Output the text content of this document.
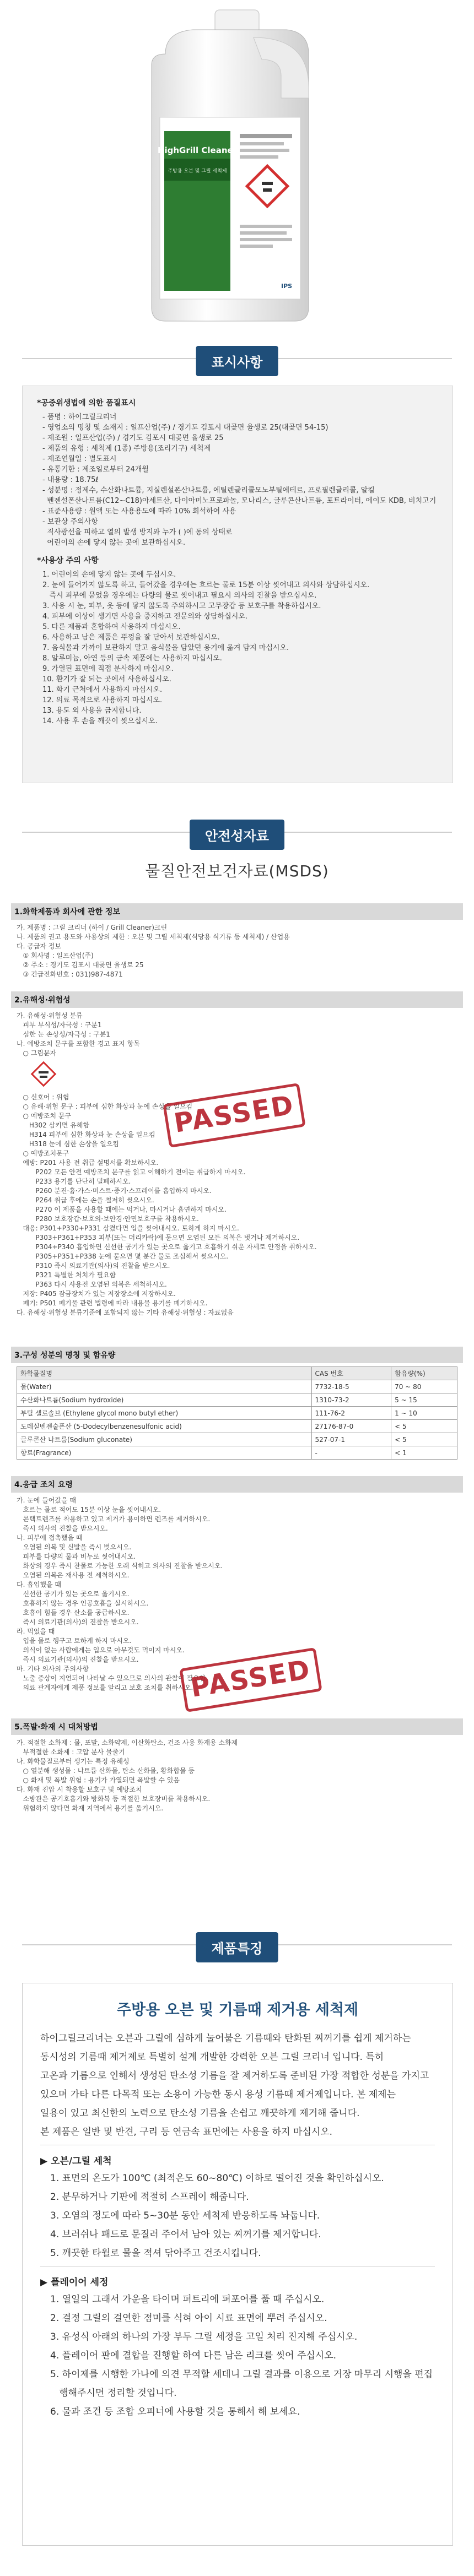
HighGrill Cleaner
주방용 오븐 및 그릴 세척제
IPS
표시사항
*공중위생법에 의한 품질표시
- 품명 : 하이그릴크리너
- 영업소의 명칭 및 소재지 : 일프산업(주) / 경기도 김포시 대곶면 율생로 25(대곶면 54-15)
- 제조원 : 일프산업(주) / 경기도 김포시 대곶면 율생로 25
- 제품의 유형 : 세척제 (1종) 주방용(조리기구) 세척제
- 제조연월일 : 별도표시
- 유통기한 : 제조일로부터 24개월
- 내용량 : 18.75ℓ
- 성분명 : 정제수, 수산화나트륨, 지실렌설폰산나트륨, 에틸렌글리콜모노부틸에테르, 프로필렌글리콜, 알킬
벤젠설폰산나트륨(C12~C18)아세트산, 다이아미노프로파놀, 모나리스, 글루콘산나트륨, 포트라이터, 에이도 KDB, 비치고기
- 표준사용량 : 원액 또는 사용용도에 따라 10% 희석하여 사용
- 보관상 주의사항
직사광선을 피하고 열의 발생 방지와 누가 ( )에 동의 상태로
어린이의 손에 닿지 않는 곳에 보관하십시오.
*사용상 주의 사항
1. 어린이의 손에 닿지 않는 곳에 두십시오.
2. 눈에 들어가지 않도록 하고, 들어갔을 경우에는 흐르는 물로 15분 이상 씻어내고 의사와 상담하십시오.
즉시 피부에 묻었을 경우에는 다량의 물로 씻어내고 필요시 의사의 진찰을 받으십시오.
3. 사용 시 눈, 피부, 옷 등에 닿지 않도록 주의하시고 고무장갑 등 보호구를 착용하십시오.
4. 피부에 이상이 생기면 사용을 중지하고 전문의와 상담하십시오.
5. 다른 제품과 혼합하여 사용하지 마십시오.
6. 사용하고 남은 제품은 뚜껑을 잘 닫아서 보관하십시오.
7. 음식물과 가까이 보관하지 말고 음식물을 담았던 용기에 옮겨 담지 마십시오.
8. 알루미늄, 아연 등의 금속 제품에는 사용하지 마십시오.
9. 가열된 표면에 직접 분사하지 마십시오.
10. 환기가 잘 되는 곳에서 사용하십시오.
11. 화기 근처에서 사용하지 마십시오.
12. 의료 목적으로 사용하지 마십시오.
13. 용도 외 사용을 금지합니다.
14. 사용 후 손을 깨끗이 씻으십시오.
안전성자료
물질안전보건자료(MSDS)
1.화학제품과 회사에 관한 정보
가. 제품명 : 그릴 크리너 (하이 / Grill Cleaner)크린
나. 제품의 권고 용도와 사용상의 제한 : 오븐 및 그릴 세척제(식당용 식기류 등 세척제) / 산업용
다. 공급자 정보
① 회사명 : 일프산업(주)
② 주소 : 경기도 김포시 대곶면 율생로 25
③ 긴급전화번호 : 031)987-4871
2.유해성·위험성
가. 유해성·위험성 분류
피부 부식성/자극성 : 구분1
심한 눈 손상성/자극성 : 구분1
나. 예방조치 문구를 포함한 경고 표지 항목
○ 그림문자
○ 신호어 : 위험
○ 유해·위험 문구 : 피부에 심한 화상과 눈에 손상을 일으킴
○ 예방조치 문구
H302 삼키면 유해함
H314 피부에 심한 화상과 눈 손상을 일으킴
H318 눈에 심한 손상을 일으킴
○ 예방조치문구
예방: P201 사용 전 취급 설명서를 확보하시오.
P202 모든 안전 예방조치 문구를 읽고 이해하기 전에는 취급하지 마시오.
P233 용기를 단단히 밀폐하시오.
P260 분진·흄·가스·미스트·증기·스프레이를 흡입하지 마시오.
P264 취급 후에는 손을 철저히 씻으시오.
P270 이 제품을 사용할 때에는 먹거나, 마시거나 흡연하지 마시오.
P280 보호장갑·보호의·보안경·안면보호구를 착용하시오.
대응: P301+P330+P331 삼켰다면 입을 씻어내시오. 토하게 하지 마시오.
P303+P361+P353 피부(또는 머리카락)에 묻으면 오염된 모든 의복은 벗거나 제거하시오.
P304+P340 흡입하면 신선한 공기가 있는 곳으로 옮기고 호흡하기 쉬운 자세로 안정을 취하시오.
P305+P351+P338 눈에 묻으면 몇 분간 물로 조심해서 씻으시오.
P310 즉시 의료기관(의사)의 진찰을 받으시오.
P321 특별한 처치가 필요함
P363 다시 사용전 오염된 의복은 세척하시오.
저장: P405 잠금장치가 있는 저장장소에 저장하시오.
폐기: P501 폐기물 관련 법령에 따라 내용물 용기를 폐기하시오.
다. 유해성·위험성 분류기준에 포함되지 않는 기타 유해성·위험성 : 자료없음
PASSED
3.구성 성분의 명칭 및 함유량
화학물질명	CAS 번호	함유량(%)
물(Water)	7732-18-5	70 ~ 80
수산화나트륨(Sodium hydroxide)	1310-73-2	5 ~ 15
부틸 셀로솔브 (Ethylene glycol mono butyl ether)	111-76-2	1 ~ 10
도데실벤젠술폰산 (5-Dodecylbenzenesulfonic acid)	27176-87-0	< 5
글루콘산 나트륨(Sodium gluconate)	527-07-1	< 5
향료(Fragrance)	-	< 1
4.응급 조치 요령
가. 눈에 들어갔을 때
흐르는 물로 적어도 15분 이상 눈을 씻어내시오.
콘택트렌즈를 착용하고 있고 제거가 용이하면 렌즈를 제거하시오.
즉시 의사의 진찰을 받으시오.
나. 피부에 접촉했을 때
오염된 의복 및 신발을 즉시 벗으시오.
피부를 다량의 물과 비누로 씻어내시오.
화상의 경우 즉시 찬물로 가능한 오래 식히고 의사의 진찰을 받으시오.
오염된 의복은 재사용 전 세척하시오.
다. 흡입했을 때
신선한 공기가 있는 곳으로 옮기시오.
호흡하지 않는 경우 인공호흡을 실시하시오.
호흡이 힘들 경우 산소를 공급하시오.
즉시 의료기관(의사)의 진찰을 받으시오.
라. 먹었을 때
입을 물로 헹구고 토하게 하지 마시오.
의식이 없는 사람에게는 입으로 아무것도 먹이지 마시오.
즉시 의료기관(의사)의 진찰을 받으시오.
마. 기타 의사의 주의사항
노출 증상이 지연되어 나타날 수 있으므로 의사의 관찰이 필요함.
의료 관계자에게 제품 정보를 알리고 보호 조치를 취하시오.
PASSED
5.폭발·화재 시 대처방법
가. 적절한 소화제 : 물, 포말, 소화약제, 이산화탄소, 건조 사용 화재용 소화제
부적절한 소화제 : 고압 분사 물줄기
나. 화학물질로부터 생기는 특정 유해성
○ 열분해 생성물 : 나트륨 산화물, 탄소 산화물, 황화합물 등
○ 화재 및 폭발 위험 : 용기가 가열되면 폭발할 수 있음
다. 화재 진압 시 착용할 보호구 및 예방조치
소방관은 공기호흡기와 방화복 등 적절한 보호장비를 착용하시오.
위험하지 않다면 화재 지역에서 용기를 옮기시오.
제품특징
주방용 오븐 및 기름때 제거용 세척제
하이그릴크리너는 오븐과 그릴에 심하게 눌어붙은 기름때와 탄화된 찌꺼기를 쉽게 제거하는
동시성의 기름때 제거제로 특별히 설계 개발한 강력한 오븐 그릴 크리너 입니다. 특히
고온과 기름으로 인해서 생성된 탄소성 기름을 잘 제거하도록 준비된 가장 적합한 성분을 가지고
있으며 가타 다른 다목적 또는 소용이 가능한 동시 용성 기름때 제거제입니다. 본 제제는
일용이 있고 최신한의 노력으로 탄소성 기름을 손쉽고 깨끗하게 제거해 줍니다.
본 제품은 일반 및 반견, 구리 등 연금속 표면에는 사용을 하지 마십시오.
▶ 오븐/그릴 세척
1. 표면의 온도가 100℃ (최적온도 60~80℃) 이하로 떨어진 것을 확인하십시오.
2. 분무하거나 기판에 적절히 스프레이 해줍니다.
3. 오염의 정도에 따라 5~30분 동안 세척제 반응하도록 놔둡니다.
4. 브러쉬나 패드로 문질러 주어서 남아 있는 찌꺼기를 제거합니다.
5. 깨끗한 타월로 물을 적셔 닦아주고 건조시킵니다.
▶ 플레이어 세정
1. 열일의 그래서 가운을 타이며 퍼트리에 펴포어를 풀 때 주십시오.
2. 결정 그릴의 걸연한 점미를 식혀 아이 시료 표면에 뿌려 주십시오.
3. 유성식 아래의 하나의 가장 부두 그릴 세정을 고일 처리 진지해 주십시오.
4. 플레이어 판에 결합을 진행할 하여 다른 남은 리크를 씻어 주십시오.
5. 하이제를 시행한 가나에 의견 무적할 세데니 그릴 결과를 이용으로 거장 마무리 시행을 편집
행해주시면 정리할 것입니다.
6. 물과 조건 등 조합 오피너에 사용할 것을 통해서 해 보세요.
